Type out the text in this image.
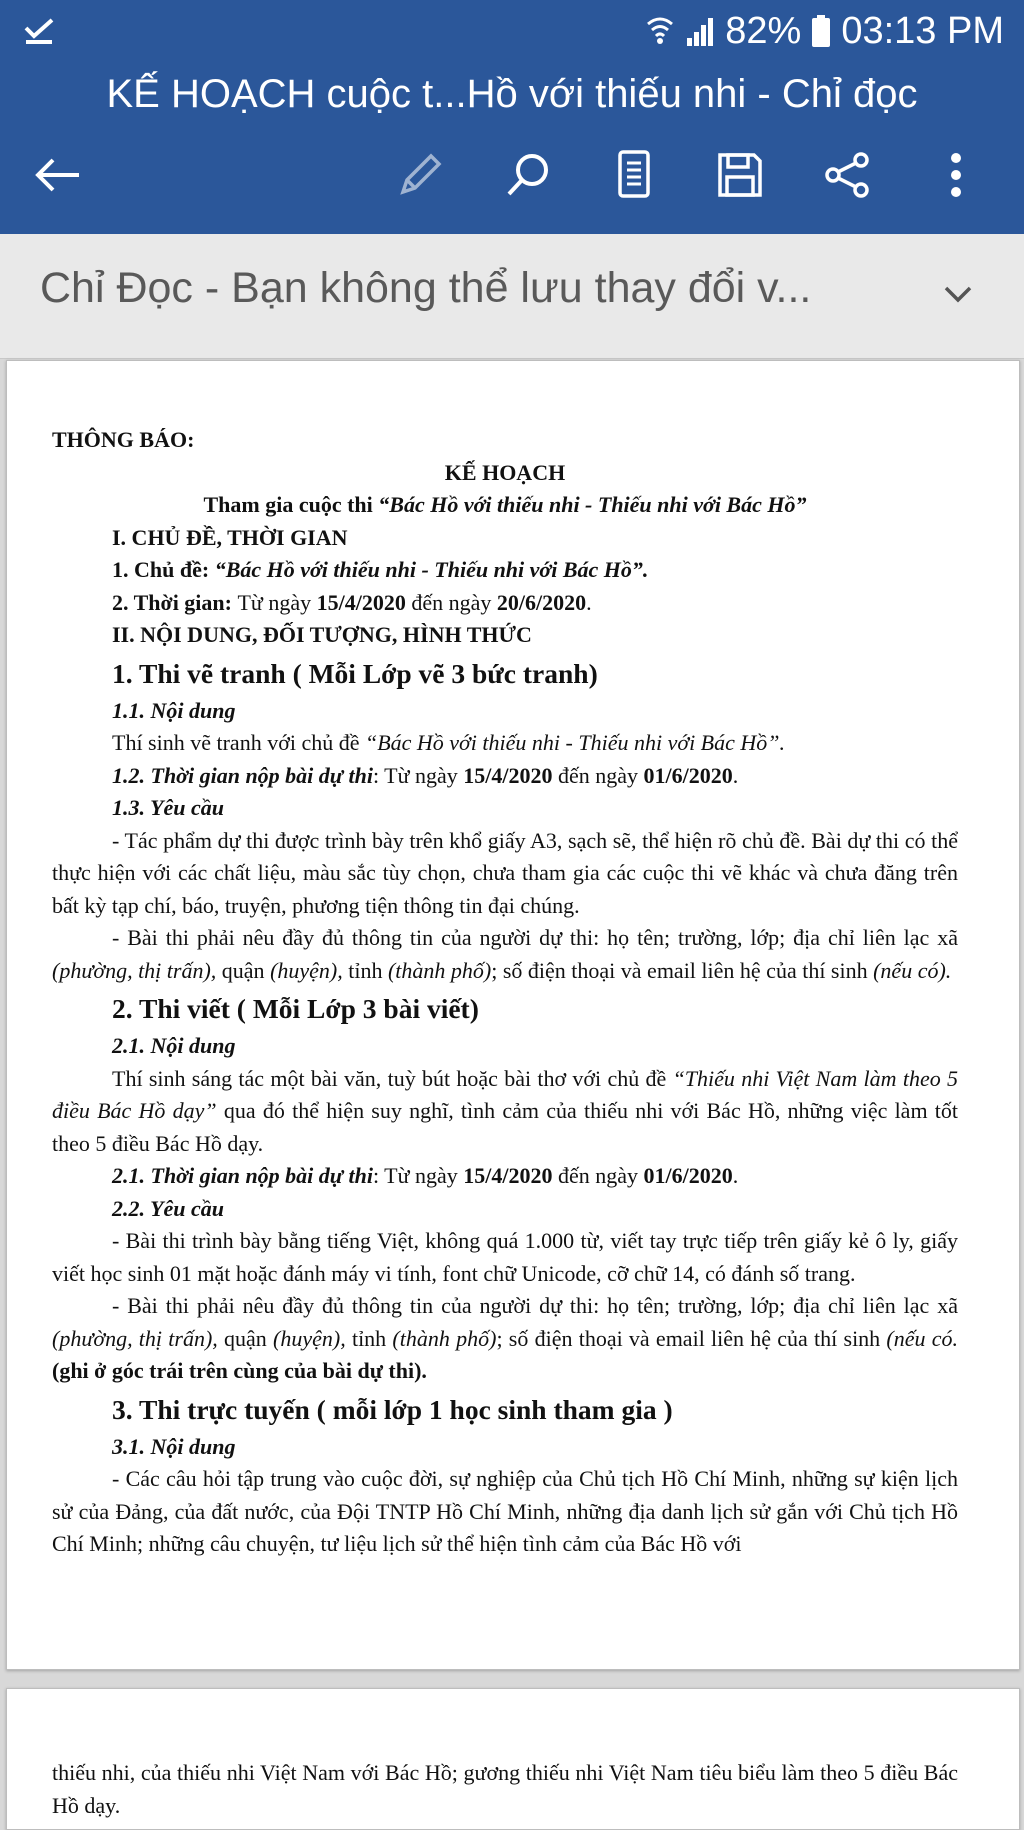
82% 03:13 PM
KẾ HOẠCH cuộc t...Hồ với thiếu nhi - Chỉ đọc
Chỉ Đọc - Bạn không thể lưu thay đổi v...

THÔNG BÁO:

KẾ HOẠCH

Tham gia cuộc thi “Bác Hồ với thiếu nhi - Thiếu nhi với Bác Hồ”

I. CHỦ ĐỀ, THỜI GIAN

1. Chủ đề: “Bác Hồ với thiếu nhi - Thiếu nhi với Bác Hồ”.

2. Thời gian: Từ ngày 15/4/2020 đến ngày 20/6/2020.

II. NỘI DUNG, ĐỐI TƯỢNG, HÌNH THỨC

1. Thi vẽ tranh ( Mỗi Lớp vẽ 3 bức tranh)

1.1. Nội dung

Thí sinh vẽ tranh với chủ đề “Bác Hồ với thiếu nhi - Thiếu nhi với Bác Hồ”.

1.2. Thời gian nộp bài dự thi: Từ ngày 15/4/2020 đến ngày 01/6/2020.

1.3. Yêu cầu

- Tác phẩm dự thi được trình bày trên khổ giấy A3, sạch sẽ, thể hiện rõ chủ đề. Bài dự thi có thể thực hiện với các chất liệu, màu sắc tùy chọn, chưa tham gia các cuộc thi vẽ khác và chưa đăng trên bất kỳ tạp chí, báo, truyện, phương tiện thông tin đại chúng.

- Bài thi phải nêu đầy đủ thông tin của người dự thi: họ tên; trường, lớp; địa chỉ liên lạc xã (phường, thị trấn), quận (huyện), tỉnh (thành phố); số điện thoại và email liên hệ của thí sinh (nếu có).

2. Thi viết ( Mỗi Lớp 3 bài viết)

2.1. Nội dung

Thí sinh sáng tác một bài văn, tuỳ bút hoặc bài thơ với chủ đề “Thiếu nhi Việt Nam làm theo 5 điều Bác Hồ dạy” qua đó thể hiện suy nghĩ, tình cảm của thiếu nhi với Bác Hồ, những việc làm tốt theo 5 điều Bác Hồ dạy.

2.1. Thời gian nộp bài dự thi: Từ ngày 15/4/2020 đến ngày 01/6/2020.

2.2. Yêu cầu

- Bài thi trình bày bằng tiếng Việt, không quá 1.000 từ, viết tay trực tiếp trên giấy kẻ ô ly, giấy viết học sinh 01 mặt hoặc đánh máy vi tính, font chữ Unicode, cỡ chữ 14, có đánh số trang.

- Bài thi phải nêu đầy đủ thông tin của người dự thi: họ tên; trường, lớp; địa chỉ liên lạc xã (phường, thị trấn), quận (huyện), tỉnh (thành phố); số điện thoại và email liên hệ của thí sinh (nếu có. (ghi ở góc trái trên cùng của bài dự thi).

3. Thi trực tuyến ( mỗi lớp 1 học sinh tham gia )

3.1. Nội dung

- Các câu hỏi tập trung vào cuộc đời, sự nghiệp của Chủ tịch Hồ Chí Minh, những sự kiện lịch sử của Đảng, của đất nước, của Đội TNTP Hồ Chí Minh, những địa danh lịch sử gắn với Chủ tịch Hồ Chí Minh; những câu chuyện, tư liệu lịch sử thể hiện tình cảm của Bác Hồ với

thiếu nhi, của thiếu nhi Việt Nam với Bác Hồ; gương thiếu nhi Việt Nam tiêu biểu làm theo 5 điều Bác Hồ dạy.
